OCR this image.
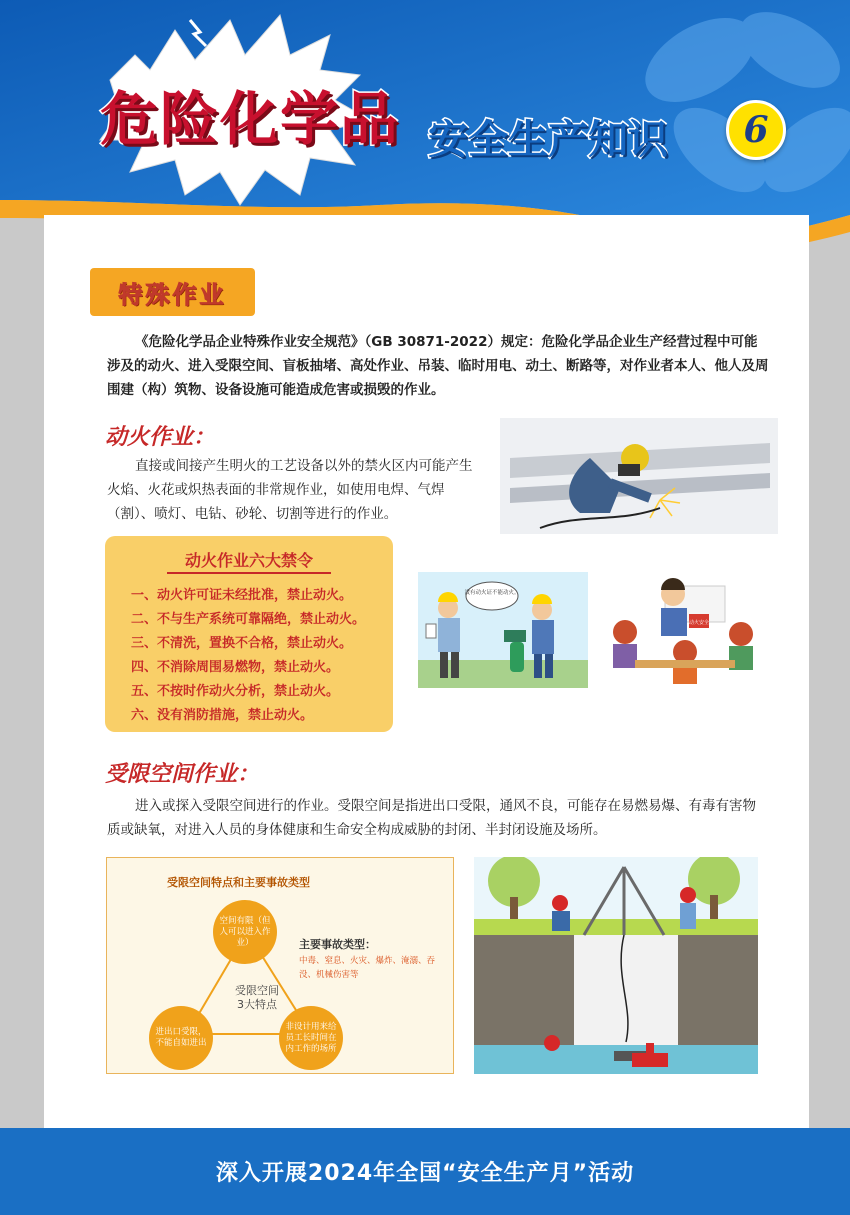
危险化学品 安全生产知识	6
特殊作业
《危险化学品企业特殊作业安全规范》（GB 30871-2022）规定：危险化学品企业生产经营过程中可能涉及的动火、进入受限空间、盲板抽堵、高处作业、吊装、临时用电、动土、断路等，对作业者本人、他人及周围建（构）筑物、设备设施可能造成危害或损毁的作业。
动火作业：
直接或间接产生明火的工艺设备以外的禁火区内可能产生火焰、火花或炽热表面的非常规作业，如使用电焊、气焊（割）、喷灯、电钻、砂轮、切割等进行的作业。
动火作业六大禁令
一、动火许可证未经批准，禁止动火。
二、不与生产系统可靠隔绝，禁止动火。
三、不清洗，置换不合格，禁止动火。
四、不消除周围易燃物，禁止动火。
五、不按时作动火分析，禁止动火。
六、没有消防措施，禁止动火。
没有动火证不能动火。
动火安全
受限空间作业：
进入或探入受限空间进行的作业。受限空间是指进出口受限，通风不良，可能存在易燃易爆、有毒有害物质或缺氧，对进入人员的身体健康和生命安全构成威胁的封闭、半封闭设施及场所。
受限空间特点和主要事故类型
空间有限（但人可以进入作业）
进出口受限，不能自如进出
非设计用来给员工长时间在内工作的场所
受限空间
3大特点
主要事故类型：
中毒、窒息、火灾、爆炸、淹溺、吞没、机械伤害等
深入开展2024年全国“安全生产月”活动
